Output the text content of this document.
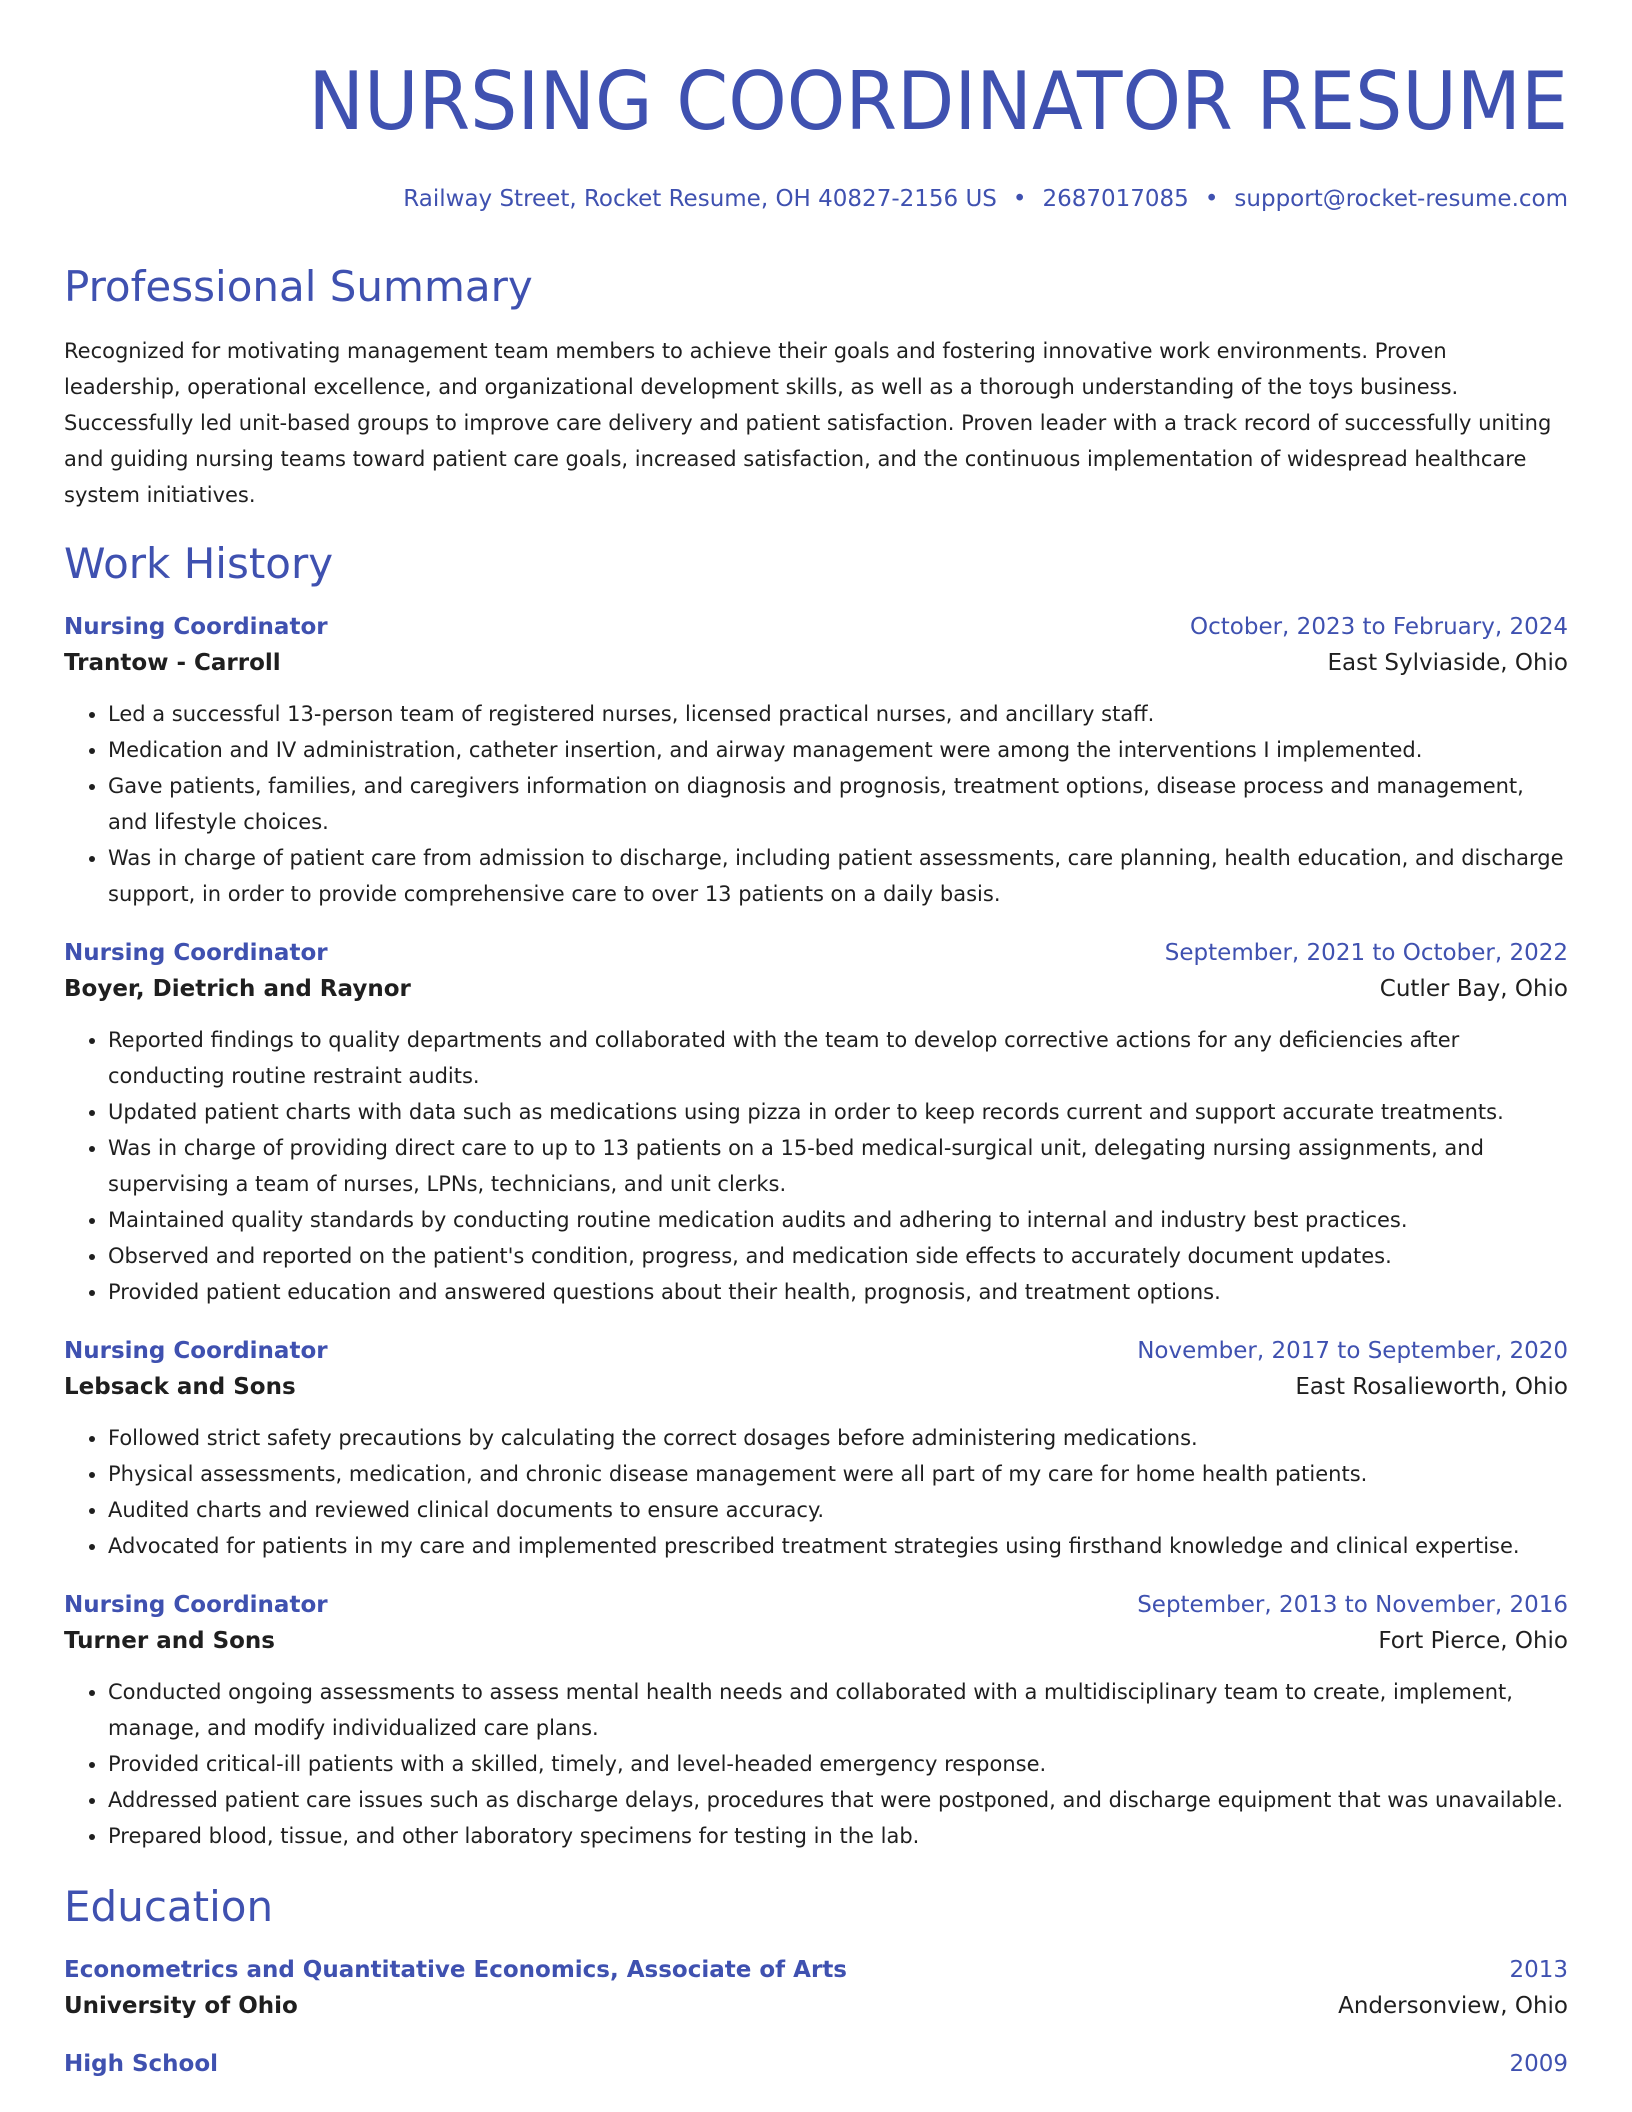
NURSING COORDINATOR RESUME
Railway Street, Rocket Resume, OH 40827-2156 US • 2687017085 • support@rocket-resume.com
Professional Summary
Recognized for motivating management team members to achieve their goals and fostering innovative work environments. Proven leadership, operational excellence, and organizational development skills, as well as a thorough understanding of the toys business. Successfully led unit-based groups to improve care delivery and patient satisfaction. Proven leader with a track record of successfully uniting and guiding nursing teams toward patient care goals, increased satisfaction, and the continuous implementation of widespread healthcare system initiatives.
Work History
Nursing Coordinator	October, 2023 to February, 2024
Trantow - Carroll	East Sylviaside, Ohio
• Led a successful 13-person team of registered nurses, licensed practical nurses, and ancillary staff.
• Medication and IV administration, catheter insertion, and airway management were among the interventions I implemented.
• Gave patients, families, and caregivers information on diagnosis and prognosis, treatment options, disease process and management, and lifestyle choices.
• Was in charge of patient care from admission to discharge, including patient assessments, care planning, health education, and discharge support, in order to provide comprehensive care to over 13 patients on a daily basis.
Nursing Coordinator	September, 2021 to October, 2022
Boyer, Dietrich and Raynor	Cutler Bay, Ohio
• Reported findings to quality departments and collaborated with the team to develop corrective actions for any deficiencies after conducting routine restraint audits.
• Updated patient charts with data such as medications using pizza in order to keep records current and support accurate treatments.
• Was in charge of providing direct care to up to 13 patients on a 15-bed medical-surgical unit, delegating nursing assignments, and supervising a team of nurses, LPNs, technicians, and unit clerks.
• Maintained quality standards by conducting routine medication audits and adhering to internal and industry best practices.
• Observed and reported on the patient's condition, progress, and medication side effects to accurately document updates.
• Provided patient education and answered questions about their health, prognosis, and treatment options.
Nursing Coordinator	November, 2017 to September, 2020
Lebsack and Sons	East Rosalieworth, Ohio
• Followed strict safety precautions by calculating the correct dosages before administering medications.
• Physical assessments, medication, and chronic disease management were all part of my care for home health patients.
• Audited charts and reviewed clinical documents to ensure accuracy.
• Advocated for patients in my care and implemented prescribed treatment strategies using firsthand knowledge and clinical expertise.
Nursing Coordinator	September, 2013 to November, 2016
Turner and Sons	Fort Pierce, Ohio
• Conducted ongoing assessments to assess mental health needs and collaborated with a multidisciplinary team to create, implement, manage, and modify individualized care plans.
• Provided critical-ill patients with a skilled, timely, and level-headed emergency response.
• Addressed patient care issues such as discharge delays, procedures that were postponed, and discharge equipment that was unavailable.
• Prepared blood, tissue, and other laboratory specimens for testing in the lab.
Education
Econometrics and Quantitative Economics, Associate of Arts	2013
University of Ohio	Andersonview, Ohio
High School	2009
